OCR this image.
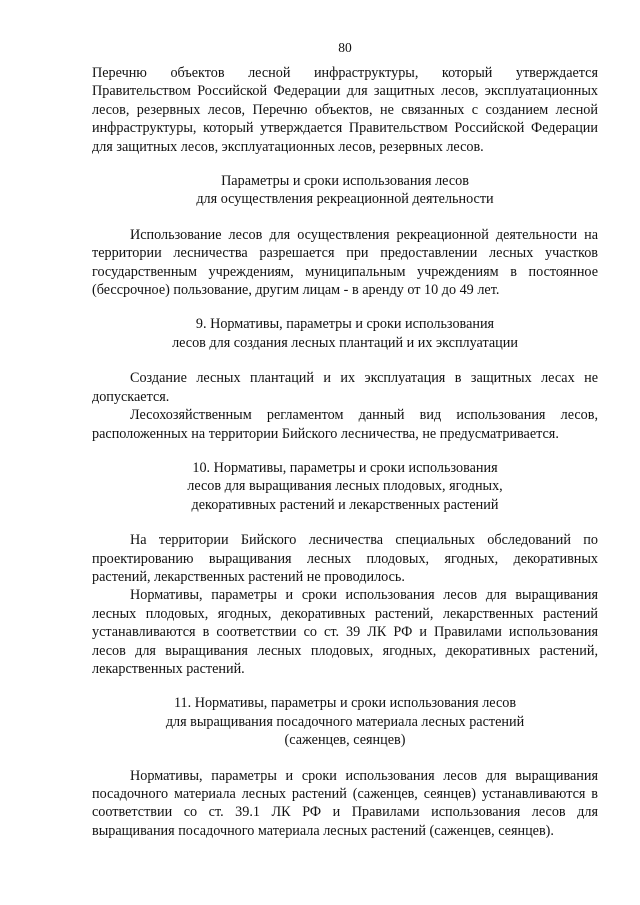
80

Перечню объектов лесной инфраструктуры, который утверждается Правительством Российской Федерации для защитных лесов, эксплуатационных лесов, резервных лесов, Перечню объектов, не связанных с созданием лесной инфраструктуры, который утверждается Правительством Российской Федерации для защитных лесов, эксплуатационных лесов, резервных лесов.

Параметры и сроки использования лесов
для осуществления рекреационной деятельности

Использование лесов для осуществления рекреационной деятельности на территории лесничества разрешается при предоставлении лесных участков государственным учреждениям, муниципальным учреждениям в постоянное (бессрочное) пользование, другим лицам - в аренду от 10 до 49 лет.

9. Нормативы, параметры и сроки использования
лесов для создания лесных плантаций и их эксплуатации

Создание лесных плантаций и их эксплуатация в защитных лесах не допускается.

Лесохозяйственным регламентом данный вид использования лесов, расположенных на территории Бийского лесничества, не предусматривается.

10. Нормативы, параметры и сроки использования
лесов для выращивания лесных плодовых, ягодных,
декоративных растений и лекарственных растений

На территории Бийского лесничества специальных обследований по проектированию выращивания лесных плодовых, ягодных, декоративных растений, лекарственных растений не проводилось.

Нормативы, параметры и сроки использования лесов для выращивания лесных плодовых, ягодных, декоративных растений, лекарственных растений устанавливаются в соответствии со ст. 39 ЛК РФ и Правилами использования лесов для выращивания лесных плодовых, ягодных, декоративных растений, лекарственных растений.

11. Нормативы, параметры и сроки использования лесов
для выращивания посадочного материала лесных растений
(саженцев, сеянцев)

Нормативы, параметры и сроки использования лесов для выращивания посадочного материала лесных растений (саженцев, сеянцев) устанавливаются в соответствии со ст. 39.1 ЛК РФ и Правилами использования лесов для выращивания посадочного материала лесных растений (саженцев, сеянцев).
